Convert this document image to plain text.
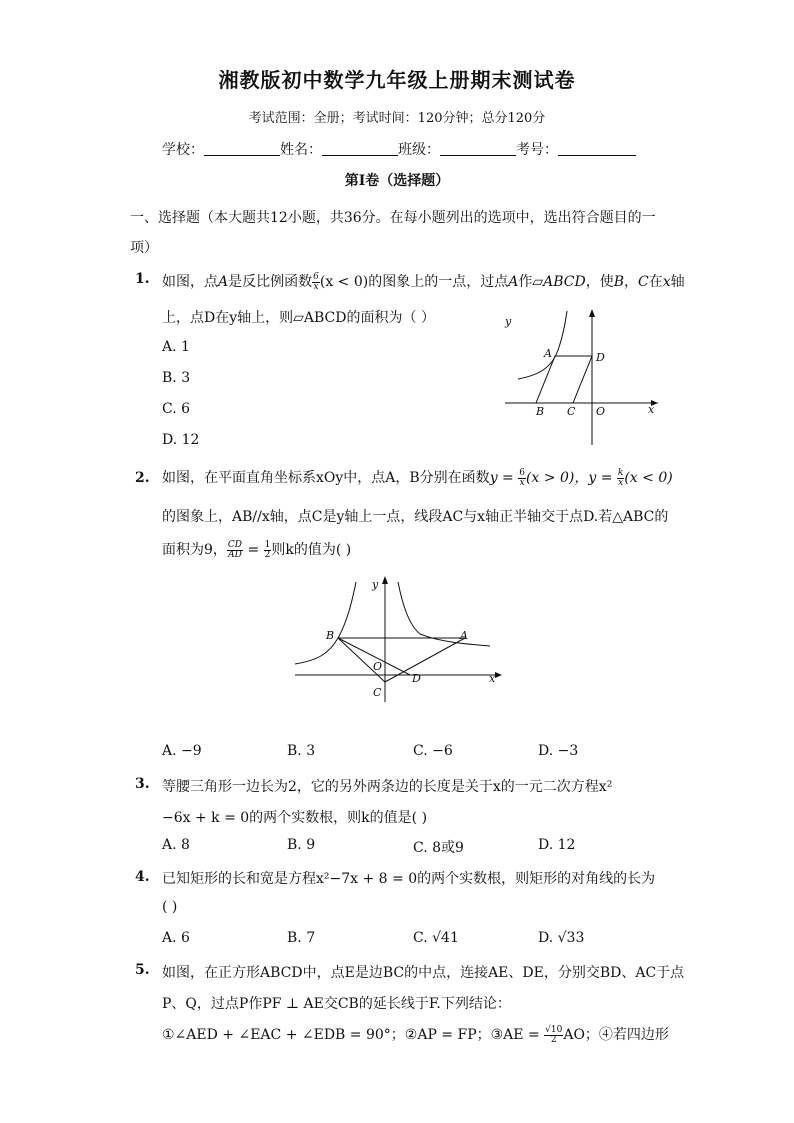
湘教版初中数学九年级上册期末测试卷
考试范围：全册；考试时间：120分钟；总分120分
学校：	姓名：	班级：	考号：
第Ⅰ卷（选择题）
一、选择题（本大题共12小题，共36分。在每小题列出的选项中，选出符合题目的一项）
1. 如图，点A是反比例函数 $\frac{6}{x} (x < 0)$的图象上的一点，过点A作▱ABCD，使B，C在x轴
上，点D在y轴上，则▱ABCD的面积为（ ）
A. 1
B. 3
C. 6
D. 12
y
A	D
B C O	x
2. 如图，在平面直角坐标系xOy中，点A，B分别在函数$y = \frac{6}{x} (x > 0)$，$y = \frac{k}{x} (x < 0)$
的图象上，AB//x轴，点C是y轴上一点，线段AC与x轴正半轴交于点D.若△ABC的
面积为9， $\frac{CD}{AD} = \frac{1}{2}$ 则k的值为( )
B	A
y
O
C
D	x
A. −9	B. 3	C. −6	D. −3
3. 等腰三角形一边长为2，它的另外两条边的长度是关于x的一元二次方程x²
−6x + k = 0的两个实数根，则k的值是( )
A. 8	B. 9	C. 8或9	D. 12
4. 已知矩形的长和宽是方程x²−7x + 8 = 0的两个实数根，则矩形的对角线的长为
( )
A. 6	B. 7	C. √41	D. √33
5. 如图，在正方形ABCD中，点E是边BC的中点，连接AE、DE，分别交BD、AC于点
P、Q，过点P作PF ⊥ AE交CB的延长线于F.下列结论：
①∠AED + ∠EAC + ∠EDB = 90°；②AP = FP；③AE = $\frac{√10}{2}$ AO；④若四边形
